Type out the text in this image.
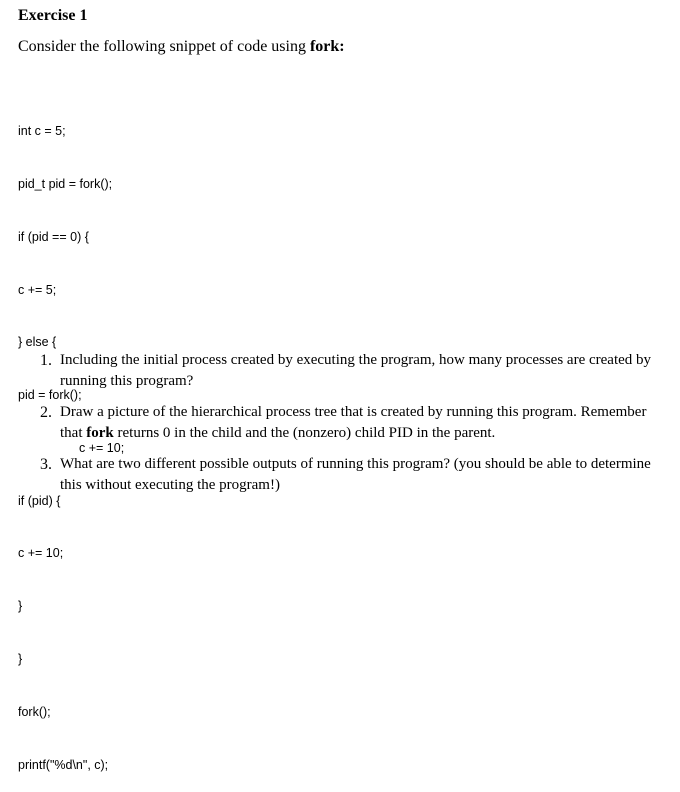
Exercise 1
Consider the following snippet of code using fork:

int c = 5;

pid_t pid = fork();

if (pid == 0) {

c += 5;

} else {

pid = fork();

c += 10;

if (pid) {

c += 10;

}

}

fork();

printf("%d\n", c);

1. Including the initial process created by executing the program, how many processes are created by running this program?
2. Draw a picture of the hierarchical process tree that is created by running this program. Remember that fork returns 0 in the child and the (nonzero) child PID in the parent.
3. What are two different possible outputs of running this program? (you should be able to determine this without executing the program!)
